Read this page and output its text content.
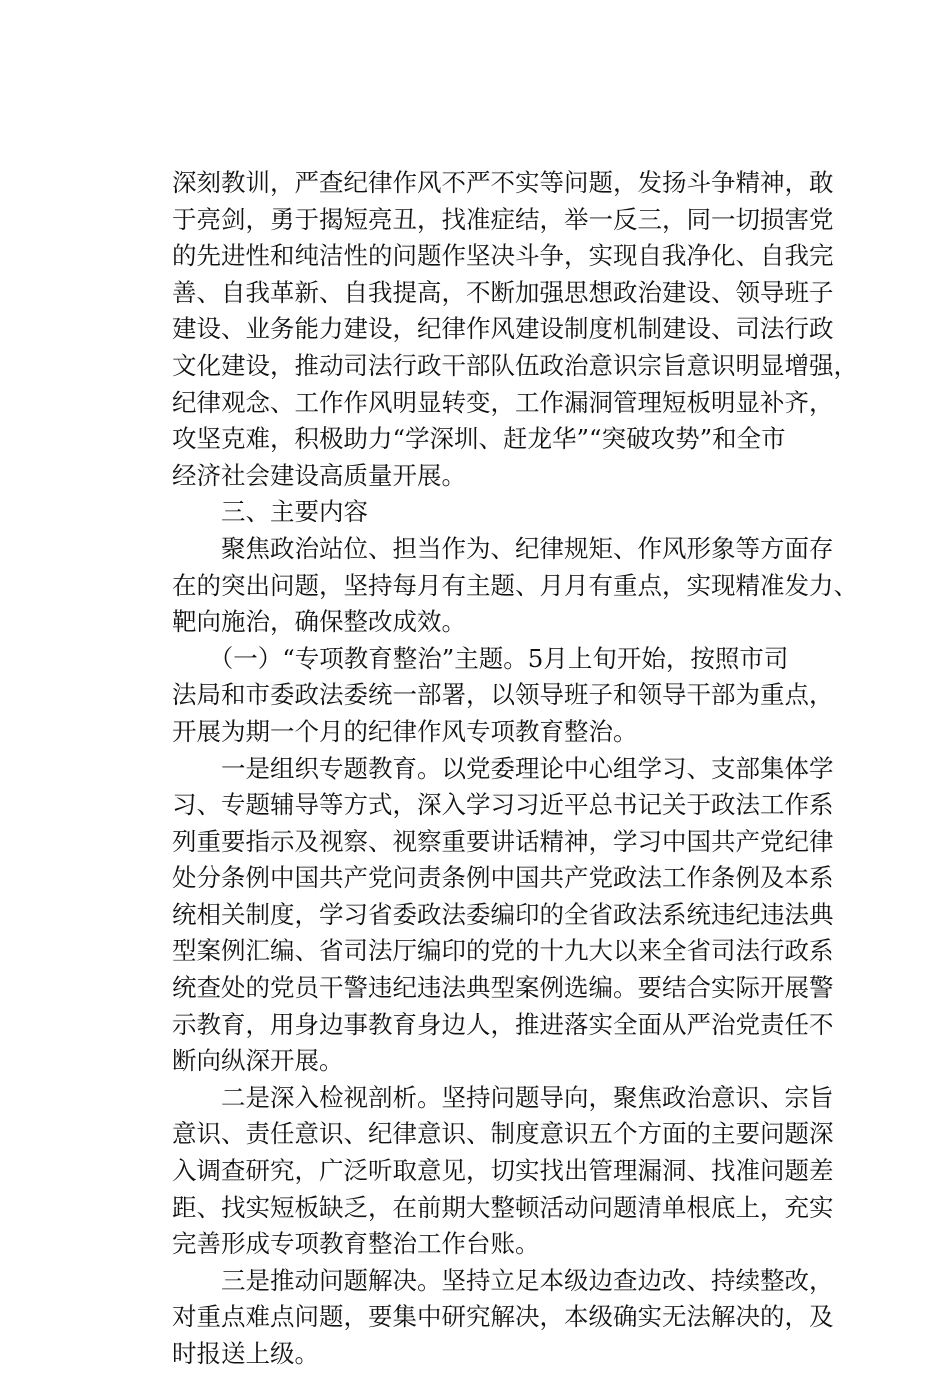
深刻教训，严查纪律作风不严不实等问题，发扬斗争精神，敢
于亮剑，勇于揭短亮丑，找准症结，举一反三，同一切损害党
的先进性和纯洁性的问题作坚决斗争，实现自我净化、自我完
善、自我革新、自我提高，不断加强思想政治建设、领导班子
建设、业务能力建设，纪律作风建设制度机制建设、司法行政
文化建设，推动司法行政干部队伍政治意识宗旨意识明显增强，
纪律观念、工作作风明显转变，工作漏洞管理短板明显补齐，
攻坚克难，积极助力“学深圳、赶龙华”“突破攻势”和全市
经济社会建设高质量开展。
　　三、主要内容
　　聚焦政治站位、担当作为、纪律规矩、作风形象等方面存
在的突出问题，坚持每月有主题、月月有重点，实现精准发力、
靶向施治，确保整改成效。
　　（一）“专项教育整治”主题。5月上旬开始，按照市司
法局和市委政法委统一部署，以领导班子和领导干部为重点，
开展为期一个月的纪律作风专项教育整治。
　　一是组织专题教育。以党委理论中心组学习、支部集体学
习、专题辅导等方式，深入学习习近平总书记关于政法工作系
列重要指示及视察、视察重要讲话精神，学习中国共产党纪律
处分条例中国共产党问责条例中国共产党政法工作条例及本系
统相关制度，学习省委政法委编印的全省政法系统违纪违法典
型案例汇编、省司法厅编印的党的十九大以来全省司法行政系
统查处的党员干警违纪违法典型案例选编。要结合实际开展警
示教育，用身边事教育身边人，推进落实全面从严治党责任不
断向纵深开展。
　　二是深入检视剖析。坚持问题导向，聚焦政治意识、宗旨
意识、责任意识、纪律意识、制度意识五个方面的主要问题深
入调查研究，广泛听取意见，切实找出管理漏洞、找准问题差
距、找实短板缺乏，在前期大整顿活动问题清单根底上，充实
完善形成专项教育整治工作台账。
　　三是推动问题解决。坚持立足本级边查边改、持续整改，
对重点难点问题，要集中研究解决，本级确实无法解决的，及
时报送上级。
